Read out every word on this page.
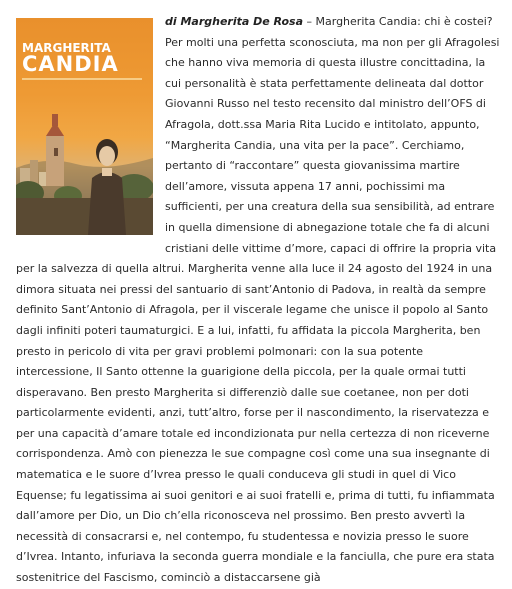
MARGHERITA
CANDIA

di Margherita De Rosa – Margherita Candia: chi è costei? Per molti una perfetta sconosciuta, ma non per gli Afragolesi che hanno viva memoria di questa illustre concittadina, la cui personalità è stata perfettamente delineata dal dottor Giovanni Russo nel testo recensito dal ministro dell’OFS di Afragola, dott.ssa Maria Rita Lucido e intitolato, appunto, “Margherita Candia, una vita per la pace”. Cerchiamo, pertanto di “raccontare” questa giovanissima martire dell’amore, vissuta appena 17 anni, pochissimi ma sufficienti, per una creatura della sua sensibilità, ad entrare in quella dimensione di abnegazione totale che fa di alcuni cristiani delle vittime d’more, capaci di offrire la propria vita per la salvezza di quella altrui. Margherita venne alla luce il 24 agosto del 1924 in una dimora situata nei pressi del santuario di sant’Antonio di Padova, in realtà da sempre definito Sant’Antonio di Afragola, per il viscerale legame che unisce il popolo al Santo dagli infiniti poteri taumaturgici. E a lui, infatti, fu affidata la piccola Margherita, ben presto in pericolo di vita per gravi problemi polmonari: con la sua potente intercessione, Il Santo ottenne la guarigione della piccola, per la quale ormai tutti disperavano. Ben presto Margherita si differenziò dalle sue coetanee, non per doti particolarmente evidenti, anzi, tutt’altro, forse per il nascondimento, la riservatezza e per una capacità d’amare totale ed incondizionata pur nella certezza di non riceverne corrispondenza. Amò con pienezza le sue compagne così come una sua insegnante di matematica e le suore d’Ivrea presso le quali conduceva gli studi in quel di Vico Equense; fu legatissima ai suoi genitori e ai suoi fratelli e, prima di tutti, fu infiammata dall’amore per Dio, un Dio ch’ella riconosceva nel prossimo. Ben presto avvertì la necessità di consacrarsi e, nel contempo, fu studentessa e novizia presso le suore d’Ivrea. Intanto, infuriava la seconda guerra mondiale e la fanciulla, che pure era stata sostenitrice del Fascismo, cominciò a distaccarsene già
